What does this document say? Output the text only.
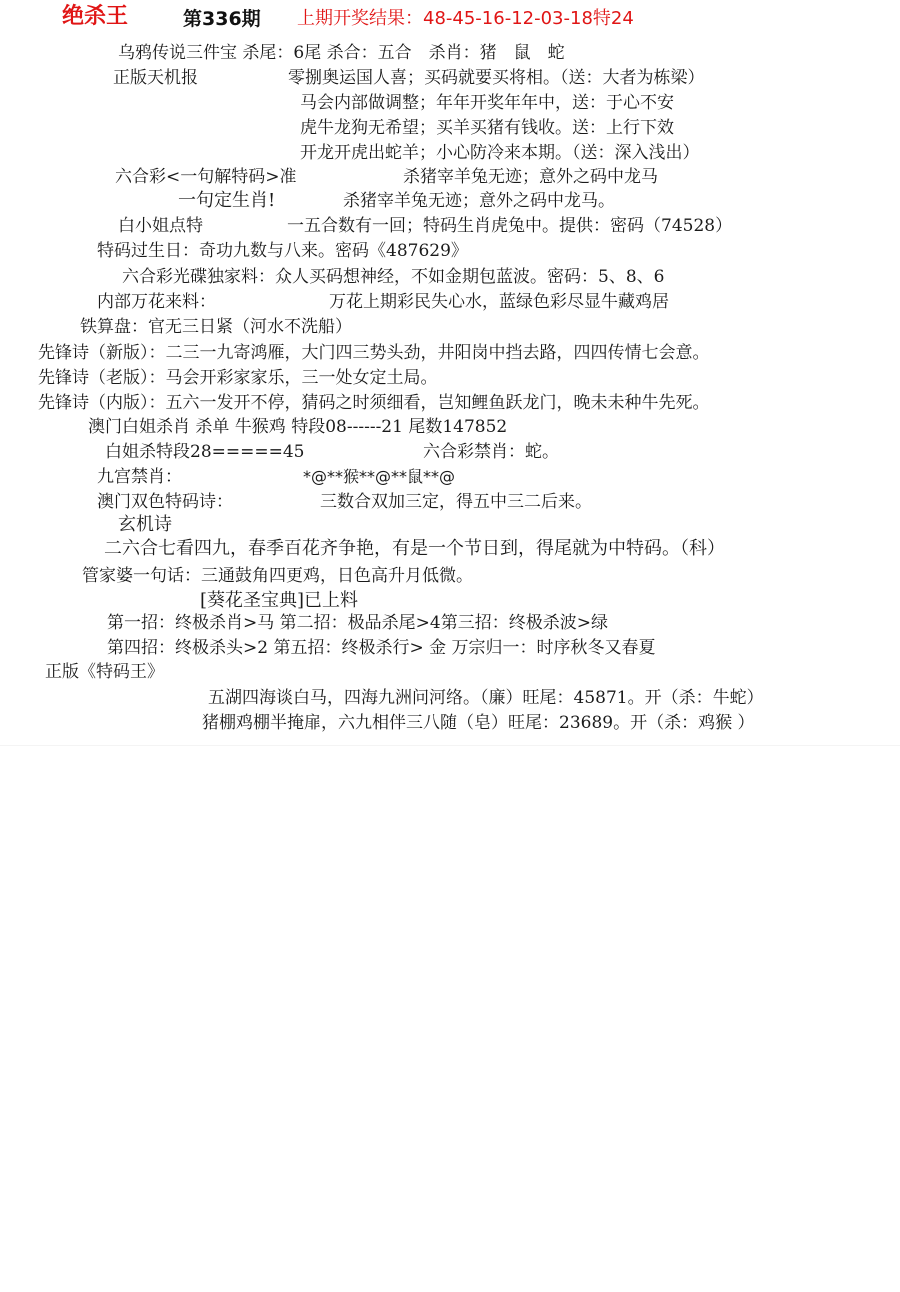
绝杀王	第336期 上期开奖结果：48-45-16-12-03-18特24
乌鸦传说三件宝 杀尾：6尾 杀合：五合　杀肖：猪　鼠　蛇
正版天机报	零捌奥运国人喜；买码就要买将相。（送：大者为栋梁）
马会内部做调整；年年开奖年年中，送：于心不安
虎牛龙狗无希望；买羊买猪有钱收。送：上行下效
开龙开虎出蛇羊；小心防冷来本期。（送：深入浅出）
六合彩<一句解特码>准	杀猪宰羊兔无迹；意外之码中龙马
一句定生肖!	杀猪宰羊兔无迹；意外之码中龙马。
白小姐点特	一五合数有一回；特码生肖虎兔中。提供：密码（74528）
特码过生日：奇功九数与八来。密码《487629》
六合彩光碟独家料：众人买码想神经，不如金期包蓝波。密码：5、8、6
内部万花来料：	万花上期彩民失心水，蓝绿色彩尽显牛藏鸡居
铁算盘：官无三日紧（河水不洗船）
先锋诗（新版）：二三一九寄鸿雁，大门四三势头劲，井阳岗中挡去路，四四传情七会意。
先锋诗（老版）：马会开彩家家乐，三一处女定土局。
先锋诗（内版）：五六一发开不停，猜码之时须细看，岂知鲤鱼跃龙门，晚未未种牛先死。
澳门白姐杀肖 杀单 牛猴鸡 特段08------21 尾数147852
白姐杀特段28=====45	六合彩禁肖：蛇。
九宫禁肖：	*@**猴**@**鼠**@
澳门双色特码诗：	三数合双加三定，得五中三二后来。
玄机诗
二六合七看四九，春季百花齐争艳，有是一个节日到，得尾就为中特码。（科）
管家婆一句话：三通鼓角四更鸡，日色高升月低微。
[葵花圣宝典]已上料
第一招：终极杀肖>马 第二招：极品杀尾>4第三招：终极杀波>绿
第四招：终极杀头>2 第五招：终极杀行> 金 万宗归一：时序秋冬又春夏
正版《特码王》
五湖四海谈白马，四海九洲问河络。（廉）旺尾：45871。开（杀：牛蛇）
猪棚鸡棚半掩扉，六九相伴三八随（皂）旺尾：23689。开（杀：鸡猴 ）
